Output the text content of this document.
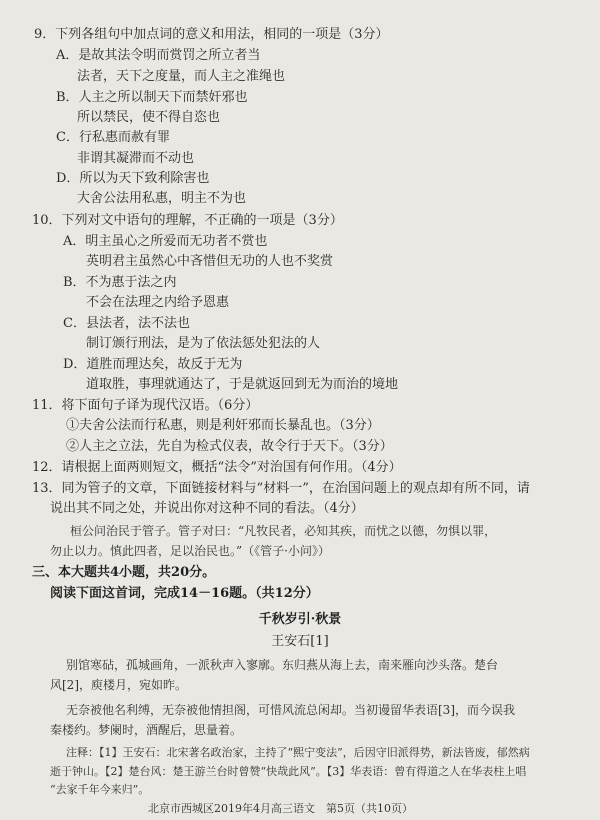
9．下列各组句中加点词的意义和用法，相同的一项是（3分）
A．是故其法令明而赏罚之所立者当
法者，天下之度量，而人主之准绳也
B．人主之所以制天下而禁奸邪也
所以禁民，使不得自恣也
C．行私惠而赦有罪
非谓其凝滞而不动也
D．所以为天下致利除害也
大舍公法用私惠，明主不为也
10．下列对文中语句的理解，不正确的一项是（3分）
A．明主虽心之所爱而无功者不赏也
英明君主虽然心中吝惜但无功的人也不奖赏
B．不为惠于法之内
不会在法理之内给予恩惠
C．县法者，法不法也
制订颁行刑法，是为了依法惩处犯法的人
D．道胜而理达矣，故反于无为
道取胜，事理就通达了，于是就返回到无为而治的境地
11．将下面句子译为现代汉语。（6分）
①夫舍公法而行私惠，则是利奸邪而长暴乱也。（3分）
②人主之立法，先自为检式仪表，故令行于天下。（3分）
12．请根据上面两则短文，概括“法令”对治国有何作用。（4分）
13．同为管子的文章，下面链接材料与“材料一”，在治国问题上的观点却有所不同，请
说出其不同之处，并说出你对这种不同的看法。（4分）
桓公问治民于管子。管子对曰：“凡牧民者，必知其疾，而忧之以德，勿惧以罪，
勿止以力。慎此四者，足以治民也。”（《管子·小问》）
三、本大题共4小题，共20分。
阅读下面这首词，完成14－16题。（共12分）
千秋岁引·秋景
王安石[1]
别馆寒砧，孤城画角，一派秋声入寥廓。东归燕从海上去，南来雁向沙头落。楚台
风[2]，庾楼月，宛如昨。
无奈被他名利缚，无奈被他情担阁，可惜风流总闲却。当初谩留华表语[3]，而今误我
秦楼约。梦阑时，酒醒后，思量着。
注释：【1】王安石：北宋著名政治家，主持了“熙宁变法”，后因守旧派得势，新法皆废，郁然病
逝于钟山。【2】楚台风：楚王游兰台时曾赞“快哉此风”。【3】华表语：曾有得道之人在华表柱上唱
“去家千年今来归”。
北京市西城区2019年4月高三语文　第5页（共10页）
